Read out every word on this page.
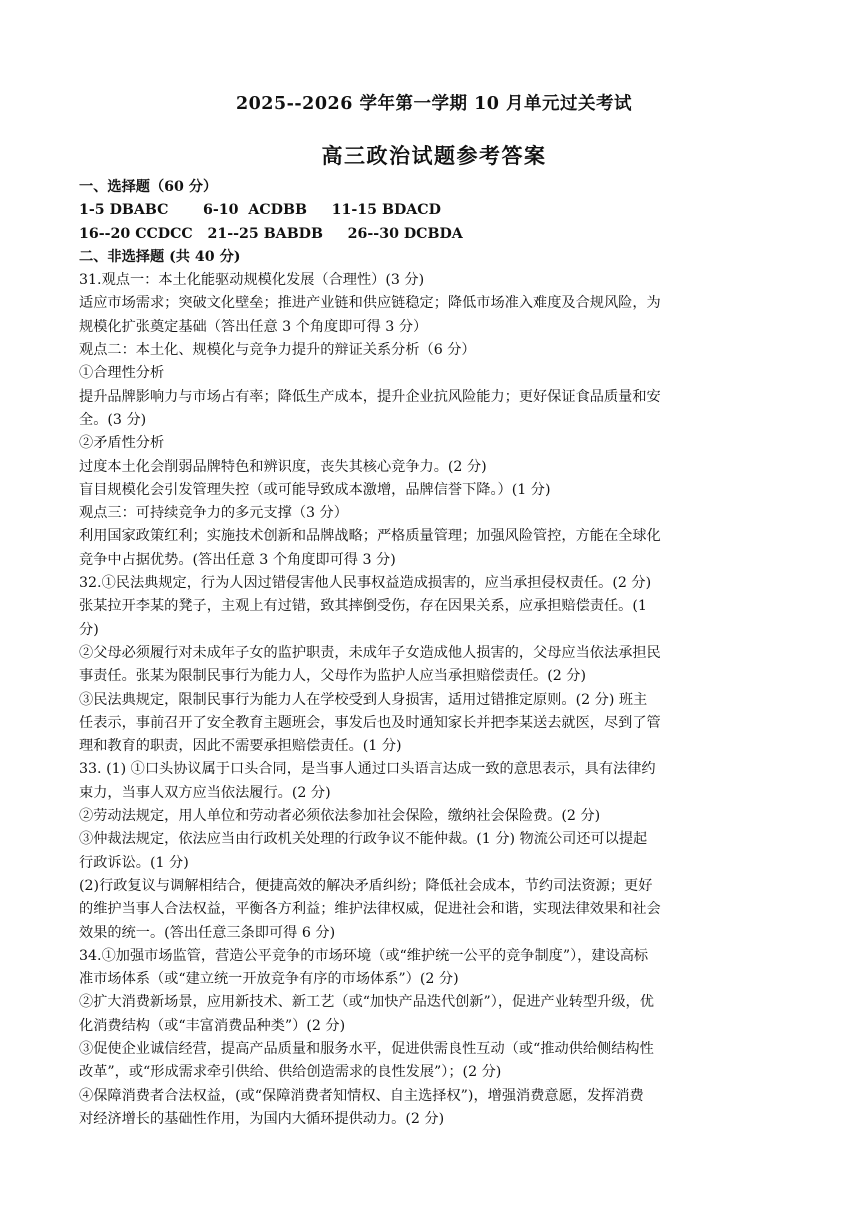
2025--2026 学年第一学期 10 月单元过关考试
高三政治试题参考答案

一、选择题（60 分）

1-5 DBABC       6-10  ACDBB     11-15 BDACD

16--20 CCDCC   21--25 BABDB     26--30 DCBDA

二、非选择题 (共 40 分)

31.观点一：本土化能驱动规模化发展（合理性）(3 分)

适应市场需求；突破文化壁垒；推进产业链和供应链稳定；降低市场准入难度及合规风险，为

规模化扩张奠定基础（答出任意 3 个角度即可得 3 分）

观点二：本土化、规模化与竞争力提升的辩证关系分析（6 分）

①合理性分析

提升品牌影响力与市场占有率；降低生产成本，提升企业抗风险能力；更好保证食品质量和安

全。(3 分)

②矛盾性分析

过度本土化会削弱品牌特色和辨识度，丧失其核心竞争力。(2 分)

盲目规模化会引发管理失控（或可能导致成本激增，品牌信誉下降。）(1 分)

观点三：可持续竞争力的多元支撑（3 分）

利用国家政策红利；实施技术创新和品牌战略；严格质量管理；加强风险管控，方能在全球化

竞争中占据优势。(答出任意 3 个角度即可得 3 分)

32.①民法典规定，行为人因过错侵害他人民事权益造成损害的，应当承担侵权责任。(2 分)

张某拉开李某的凳子，主观上有过错，致其摔倒受伤，存在因果关系，应承担赔偿责任。(1

分)

②父母必须履行对未成年子女的监护职责，未成年子女造成他人损害的，父母应当依法承担民

事责任。张某为限制民事行为能力人，父母作为监护人应当承担赔偿责任。(2 分)

③民法典规定，限制民事行为能力人在学校受到人身损害，适用过错推定原则。(2 分) 班主

任表示，事前召开了安全教育主题班会，事发后也及时通知家长并把李某送去就医，尽到了管

理和教育的职责，因此不需要承担赔偿责任。(1 分)

33. (1) ①口头协议属于口头合同，是当事人通过口头语言达成一致的意思表示，具有法律约

束力，当事人双方应当依法履行。(2 分)

②劳动法规定，用人单位和劳动者必须依法参加社会保险，缴纳社会保险费。(2 分)

③仲裁法规定，依法应当由行政机关处理的行政争议不能仲裁。(1 分) 物流公司还可以提起

行政诉讼。(1 分)

(2)行政复议与调解相结合，便捷高效的解决矛盾纠纷；降低社会成本，节约司法资源；更好

的维护当事人合法权益，平衡各方利益；维护法律权威，促进社会和谐，实现法律效果和社会

效果的统一。(答出任意三条即可得 6 分)

34.①加强市场监管，营造公平竞争的市场环境（或“维护统一公平的竞争制度”），建设高标

准市场体系（或“建立统一开放竞争有序的市场体系”）(2 分)

②扩大消费新场景，应用新技术、新工艺（或“加快产品迭代创新”），促进产业转型升级，优

化消费结构（或“丰富消费品种类”）(2 分)

③促使企业诚信经营，提高产品质量和服务水平，促进供需良性互动（或“推动供给侧结构性

改革”，或“形成需求牵引供给、供给创造需求的良性发展”）；(2 分)

④保障消费者合法权益，(或“保障消费者知情权、自主选择权”)，增强消费意愿，发挥消费

对经济增长的基础性作用，为国内大循环提供动力。(2 分)
